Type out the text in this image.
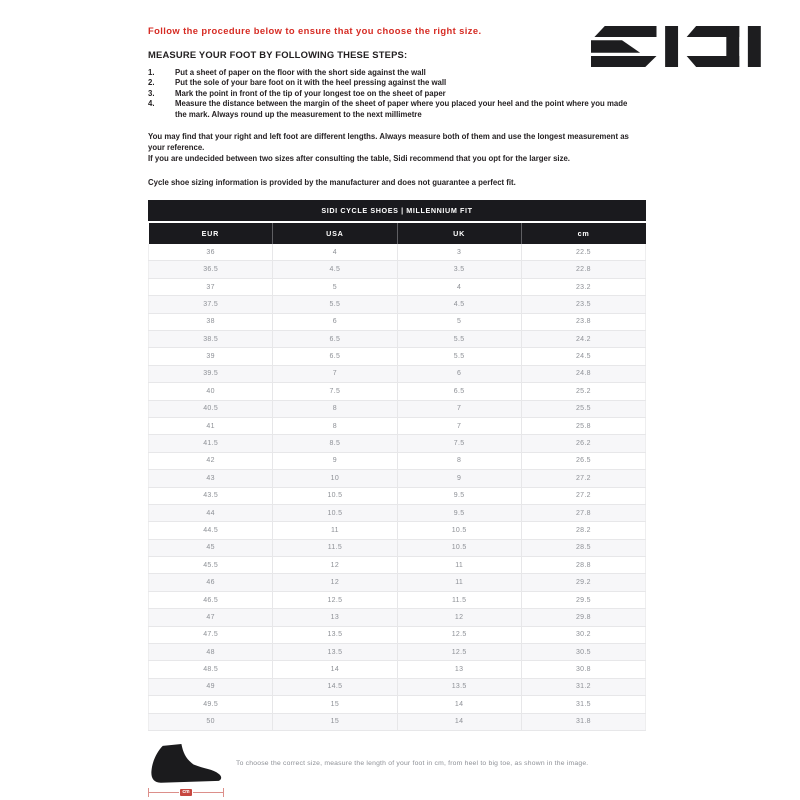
Follow the procedure below to ensure that you choose the right size.

MEASURE YOUR FOOT BY FOLLOWING THESE STEPS:

1.	Put a sheet of paper on the floor with the short side against the wall
2.	Put the sole of your bare foot on it with the heel pressing against the wall
3.	Mark the point in front of the tip of your longest toe on the sheet of paper
4.	Measure the distance between the margin of the sheet of paper where you placed your heel and the point where you made
the mark. Always round up the measurement to the next millimetre
You may find that your right and left foot are different lengths. Always measure both of them and use the longest measurement as
your reference.
If you are undecided between two sizes after consulting the table, Sidi recommend that you opt for the larger size.

Cycle shoe sizing information is provided by the manufacturer and does not guarantee a perfect fit.

SIDI CYCLE SHOES | MILLENNIUM FIT
EUR	USA	UK	cm
36	4	3	22.5
36.5	4.5	3.5	22.8
37	5	4	23.2
37.5	5.5	4.5	23.5
38	6	5	23.8
38.5	6.5	5.5	24.2
39	6.5	5.5	24.5
39.5	7	6	24.8
40	7.5	6.5	25.2
40.5	8	7	25.5
41	8	7	25.8
41.5	8.5	7.5	26.2
42	9	8	26.5
43	10	9	27.2
43.5	10.5	9.5	27.2
44	10.5	9.5	27.8
44.5	11	10.5	28.2
45	11.5	10.5	28.5
45.5	12	11	28.8
46	12	11	29.2
46.5	12.5	11.5	29.5
47	13	12	29.8
47.5	13.5	12.5	30.2
48	13.5	12.5	30.5
48.5	14	13	30.8
49	14.5	13.5	31.2
49.5	15	14	31.5
50	15	14	31.8
cm
To choose the correct size, measure the length of your foot in cm, from heel to big toe, as shown in the image.
